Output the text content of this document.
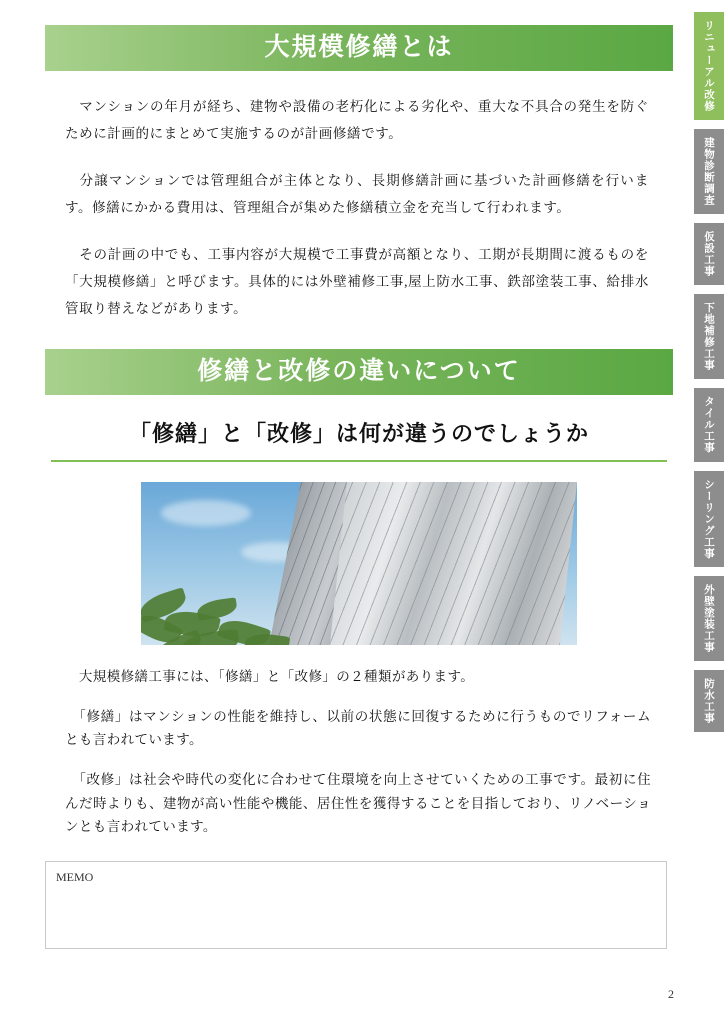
リニューアル改修
建物診断調査
仮設工事
下地補修工事
タイル工事
シーリング工事
外壁塗装工事
防水工事
大規模修繕とは

　マンションの年月が経ち、建物や設備の老朽化による劣化や、重大な不具合の発生を防ぐために計画的にまとめて実施するのが計画修繕です。

　分譲マンションでは管理組合が主体となり、長期修繕計画に基づいた計画修繕を行います。修繕にかかる費用は、管理組合が集めた修繕積立金を充当して行われます。

　その計画の中でも、工事内容が大規模で工事費が高額となり、工期が長期間に渡るものを「大規模修繕」と呼びます。具体的には外壁補修工事,屋上防水工事、鉄部塗装工事、給排水管取り替えなどがあります。

修繕と改修の違いについて
「修繕」と「改修」は何が違うのでしょうか

　大規模修繕工事には、「修繕」と「改修」の２種類があります。

　「修繕」はマンションの性能を維持し、以前の状態に回復するために行うものでリフォームとも言われています。

　「改修」は社会や時代の変化に合わせて住環境を向上させていくための工事です。最初に住んだ時よりも、建物が高い性能や機能、居住性を獲得することを目指しており、リノベーションとも言われています。

MEMO
2
